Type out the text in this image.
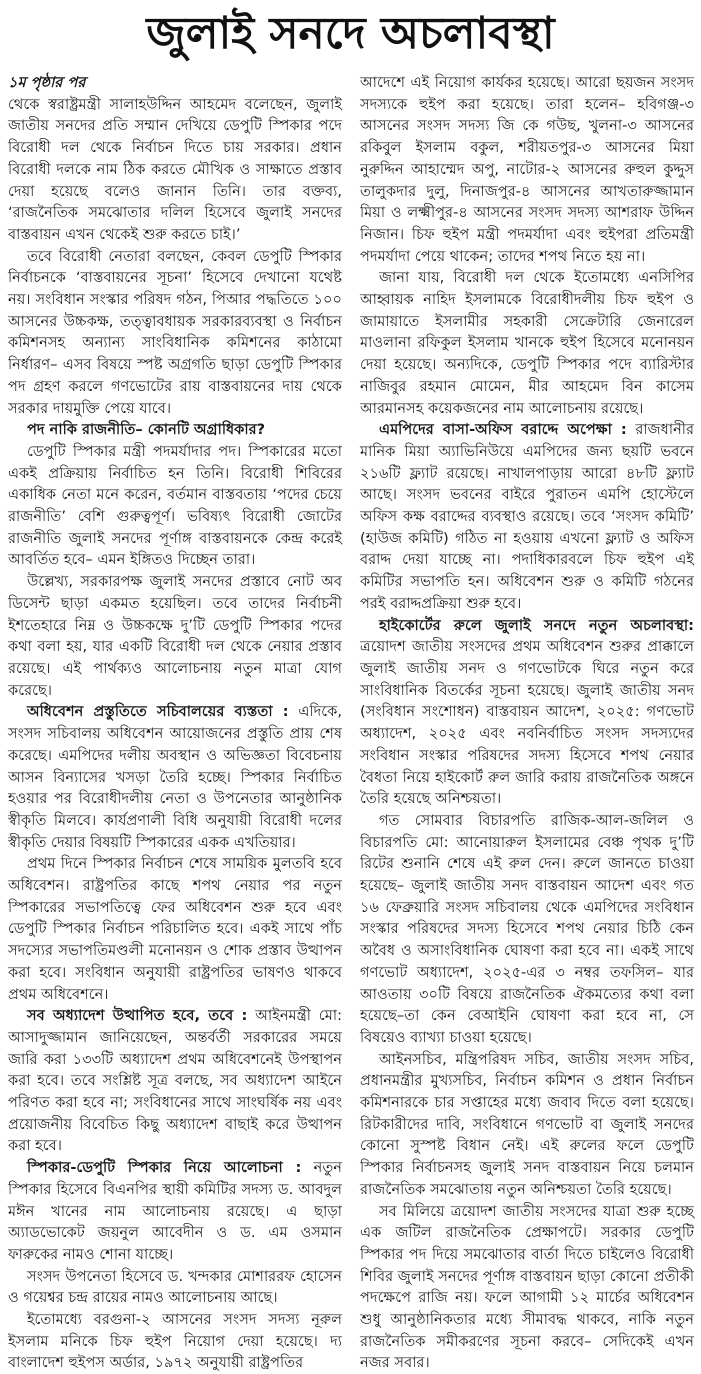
জুলাই সনদে অচলাবস্থা

১ম পৃষ্ঠার পর

থেকে স্বরাষ্ট্রমন্ত্রী সালাহউদ্দিন আহমেদ বলেছেন, জুলাই জাতীয় সনদের প্রতি সম্মান দেখিয়ে ডেপুটি স্পিকার পদে বিরোধী দল থেকে নির্বাচন দিতে চায় সরকার। প্রধান বিরোধী দলকে নাম ঠিক করতে মৌখিক ও সাক্ষাতে প্রস্তাব দেয়া হয়েছে বলেও জানান তিনি। তার বক্তব্য, ‘রাজনৈতিক সমঝোতার দলিল হিসেবে জুলাই সনদের বাস্তবায়ন এখন থেকেই শুরু করতে চাই।’

তবে বিরোধী নেতারা বলছেন, কেবল ডেপুটি স্পিকার নির্বাচনকে ‘বাস্তবায়নের সূচনা’ হিসেবে দেখানো যথেষ্ট নয়। সংবিধান সংস্কার পরিষদ গঠন, পিআর পদ্ধতিতে ১০০ আসনের উচ্চকক্ষ, তত্ত্বাবধায়ক সরকারব্যবস্থা ও নির্বাচন কমিশনসহ অন্যান্য সাংবিধানিক কমিশনের কাঠামো নির্ধারণ– এসব বিষয়ে স্পষ্ট অগ্রগতি ছাড়া ডেপুটি স্পিকার পদ গ্রহণ করলে গণভোটের রায় বাস্তবায়নের দায় থেকে সরকার দায়মুক্তি পেয়ে যাবে।

পদ নাকি রাজনীতি– কোনটি অগ্রাধিকার?

ডেপুটি স্পিকার মন্ত্রী পদমর্যাদার পদ। স্পিকারের মতো একই প্রক্রিয়ায় নির্বাচিত হন তিনি। বিরোধী শিবিরের একাধিক নেতা মনে করেন, বর্তমান বাস্তবতায় ‘পদের চেয়ে রাজনীতি’ বেশি গুরুত্বপূর্ণ। ভবিষ্যৎ বিরোধী জোটের রাজনীতি জুলাই সনদের পূর্ণাঙ্গ বাস্তবায়নকে কেন্দ্র করেই আবর্তিত হবে– এমন ইঙ্গিতও দিচ্ছেন তারা।

উল্লেখ্য, সরকারপক্ষ জুলাই সনদের প্রস্তাবে নোট অব ডিসেন্ট ছাড়া একমত হয়েছিল। তবে তাদের নির্বাচনী ইশতেহারে নিম্ন ও উচ্চকক্ষে দু’টি ডেপুটি স্পিকার পদের কথা বলা হয়, যার একটি বিরোধী দল থেকে নেয়ার প্রস্তাব রয়েছে। এই পার্থক্যও আলোচনায় নতুন মাত্রা যোগ করেছে।

অধিবেশন প্রস্তুতিতে সচিবালয়ের ব্যস্ততা : এদিকে, সংসদ সচিবালয় অধিবেশন আয়োজনের প্রস্তুতি প্রায় শেষ করেছে। এমপিদের দলীয় অবস্থান ও অভিজ্ঞতা বিবেচনায় আসন বিন্যাসের খসড়া তৈরি হচ্ছে। স্পিকার নির্বাচিত হওয়ার পর বিরোধীদলীয় নেতা ও উপনেতার আনুষ্ঠানিক স্বীকৃতি মিলবে। কার্যপ্রণালী বিধি অনুযায়ী বিরোধী দলের স্বীকৃতি দেয়ার বিষয়টি স্পিকারের একক এখতিয়ার।

প্রথম দিনে স্পিকার নির্বাচন শেষে সাময়িক মুলতবি হবে অধিবেশন। রাষ্ট্রপতির কাছে শপথ নেয়ার পর নতুন স্পিকারের সভাপতিত্বে ফের অধিবেশন শুরু হবে এবং ডেপুটি স্পিকার নির্বাচন পরিচালিত হবে। একই সাথে পাঁচ সদস্যের সভাপতিমণ্ডলী মনোনয়ন ও শোক প্রস্তাব উত্থাপন করা হবে। সংবিধান অনুযায়ী রাষ্ট্রপতির ভাষণও থাকবে প্রথম অধিবেশনে।

সব অধ্যাদেশ উত্থাপিত হবে, তবে : আইনমন্ত্রী মো: আসাদুজ্জামান জানিয়েছেন, অন্তর্বর্তী সরকারের সময়ে জারি করা ১৩৩টি অধ্যাদেশ প্রথম অধিবেশনেই উপস্থাপন করা হবে। তবে সংশ্লিষ্ট সূত্র বলছে, সব অধ্যাদেশ আইনে পরিণত করা হবে না; সংবিধানের সাথে সাংঘর্ষিক নয় এবং প্রয়োজনীয় বিবেচিত কিছু অধ্যাদেশ বাছাই করে উত্থাপন করা হবে।

স্পিকার-ডেপুটি স্পিকার নিয়ে আলোচনা : নতুন স্পিকার হিসেবে বিএনপির স্থায়ী কমিটির সদস্য ড. আবদুল মঈন খানের নাম আলোচনায় রয়েছে। এ ছাড়া অ্যাডভোকেট জয়নুল আবেদীন ও ড. এম ওসমান ফারুকের নামও শোনা যাচ্ছে।

সংসদ উপনেতা হিসেবে ড. খন্দকার মোশাররফ হোসেন ও গয়েশ্বর চন্দ্র রায়ের নামও আলোচনায় আছে।

ইতোমধ্যে বরগুনা-২ আসনের সংসদ সদস্য নূরুল ইসলাম মনিকে চিফ হুইপ নিয়োগ দেয়া হয়েছে। দ্য বাংলাদেশ হুইপস অর্ডার, ১৯৭২ অনুযায়ী রাষ্ট্রপতির

আদেশে এই নিয়োগ কার্যকর হয়েছে। আরো ছয়জন সংসদ সদস্যকে হুইপ করা হয়েছে। তারা হলেন– হবিগঞ্জ-৩ আসনের সংসদ সদস্য জি কে গউছ, খুলনা-৩ আসনের রকিবুল ইসলাম বকুল, শরীয়তপুর-৩ আসনের মিয়া নুরুদ্দিন আহাম্মেদ অপু, নাটোর-২ আসনের রুহুল কুদ্দুস তালুকদার দুলু, দিনাজপুর-৪ আসনের আখতারুজ্জামান মিয়া ও লক্ষ্মীপুর-৪ আসনের সংসদ সদস্য আশরাফ উদ্দিন নিজান। চিফ হুইপ মন্ত্রী পদমর্যাদা এবং হুইপরা প্রতিমন্ত্রী পদমর্যাদা পেয়ে থাকেন; তাদের শপথ নিতে হয় না।

জানা যায়, বিরোধী দল থেকে ইতোমধ্যে এনসিপির আহ্বায়ক নাহিদ ইসলামকে বিরোধীদলীয় চিফ হুইপ ও জামায়াতে ইসলামীর সহকারী সেক্রেটারি জেনারেল মাওলানা রফিকুল ইসলাম খানকে হুইপ হিসেবে মনোনয়ন দেয়া হয়েছে। অন্যদিকে, ডেপুটি স্পিকার পদে ব্যারিস্টার নাজিবুর রহমান মোমেন, মীর আহমেদ বিন কাসেম আরমানসহ কয়েকজনের নাম আলোচনায় রয়েছে।

এমপিদের বাসা-অফিস বরাদ্দে অপেক্ষা : রাজধানীর মানিক মিয়া অ্যাভিনিউয়ে এমপিদের জন্য ছয়টি ভবনে ২১৬টি ফ্ল্যাট রয়েছে। নাখালপাড়ায় আরো ৪৮টি ফ্ল্যাট আছে। সংসদ ভবনের বাইরে পুরাতন এমপি হোস্টেলে অফিস কক্ষ বরাদ্দের ব্যবস্থাও রয়েছে। তবে ‘সংসদ কমিটি’ (হাউজ কমিটি) গঠিত না হওয়ায় এখনো ফ্ল্যাট ও অফিস বরাদ্দ দেয়া যাচ্ছে না। পদাধিকারবলে চিফ হুইপ এই কমিটির সভাপতি হন। অধিবেশন শুরু ও কমিটি গঠনের পরই বরাদ্দপ্রক্রিয়া শুরু হবে।

হাইকোর্টের রুলে জুলাই সনদে নতুন অচলাবস্থা: ত্রয়োদশ জাতীয় সংসদের প্রথম অধিবেশন শুরুর প্রাক্কালে জুলাই জাতীয় সনদ ও গণভোটকে ঘিরে নতুন করে সাংবিধানিক বিতর্কের সূচনা হয়েছে। জুলাই জাতীয় সনদ (সংবিধান সংশোধন) বাস্তবায়ন আদেশ, ২০২৫: গণভোট অধ্যাদেশ, ২০২৫ এবং নবনির্বাচিত সংসদ সদস্যদের সংবিধান সংস্কার পরিষদের সদস্য হিসেবে শপথ নেয়ার বৈধতা নিয়ে হাইকোর্ট রুল জারি করায় রাজনৈতিক অঙ্গনে তৈরি হয়েছে অনিশ্চয়তা।

গত সোমবার বিচারপতি রাজিক-আল-জলিল ও বিচারপতি মো: আনোয়ারুল ইসলামের বেঞ্চ পৃথক দু’টি রিটের শুনানি শেষে এই রুল দেন। রুলে জানতে চাওয়া হয়েছে– জুলাই জাতীয় সনদ বাস্তবায়ন আদেশ এবং গত ১৬ ফেব্রুয়ারি সংসদ সচিবালয় থেকে এমপিদের সংবিধান সংস্কার পরিষদের সদস্য হিসেবে শপথ নেয়ার চিঠি কেন অবৈধ ও অসাংবিধানিক ঘোষণা করা হবে না। একই সাথে গণভোট অধ্যাদেশ, ২০২৫-এর ৩ নম্বর তফসিল– যার আওতায় ৩০টি বিষয়ে রাজনৈতিক ঐকমত্যের কথা বলা হয়েছে–তা কেন বেআইনি ঘোষণা করা হবে না, সে বিষয়েও ব্যাখ্যা চাওয়া হয়েছে।

আইনসচিব, মন্ত্রিপরিষদ সচিব, জাতীয় সংসদ সচিব, প্রধানমন্ত্রীর মুখ্যসচিব, নির্বাচন কমিশন ও প্রধান নির্বাচন কমিশনারকে চার সপ্তাহের মধ্যে জবাব দিতে বলা হয়েছে। রিটকারীদের দাবি, সংবিধানে গণভোট বা জুলাই সনদের কোনো সুস্পষ্ট বিধান নেই। এই রুলের ফলে ডেপুটি স্পিকার নির্বাচনসহ জুলাই সনদ বাস্তবায়ন নিয়ে চলমান রাজনৈতিক সমঝোতায় নতুন অনিশ্চয়তা তৈরি হয়েছে।

সব মিলিয়ে ত্রয়োদশ জাতীয় সংসদের যাত্রা শুরু হচ্ছে এক জটিল রাজনৈতিক প্রেক্ষাপটে। সরকার ডেপুটি স্পিকার পদ দিয়ে সমঝোতার বার্তা দিতে চাইলেও বিরোধী শিবির জুলাই সনদের পূর্ণাঙ্গ বাস্তবায়ন ছাড়া কোনো প্রতীকী পদক্ষেপে রাজি নয়। ফলে আগামী ১২ মার্চের অধিবেশন শুধু আনুষ্ঠানিকতার মধ্যে সীমাবদ্ধ থাকবে, নাকি নতুন রাজনৈতিক সমীকরণের সূচনা করবে– সেদিকেই এখন নজর সবার।
